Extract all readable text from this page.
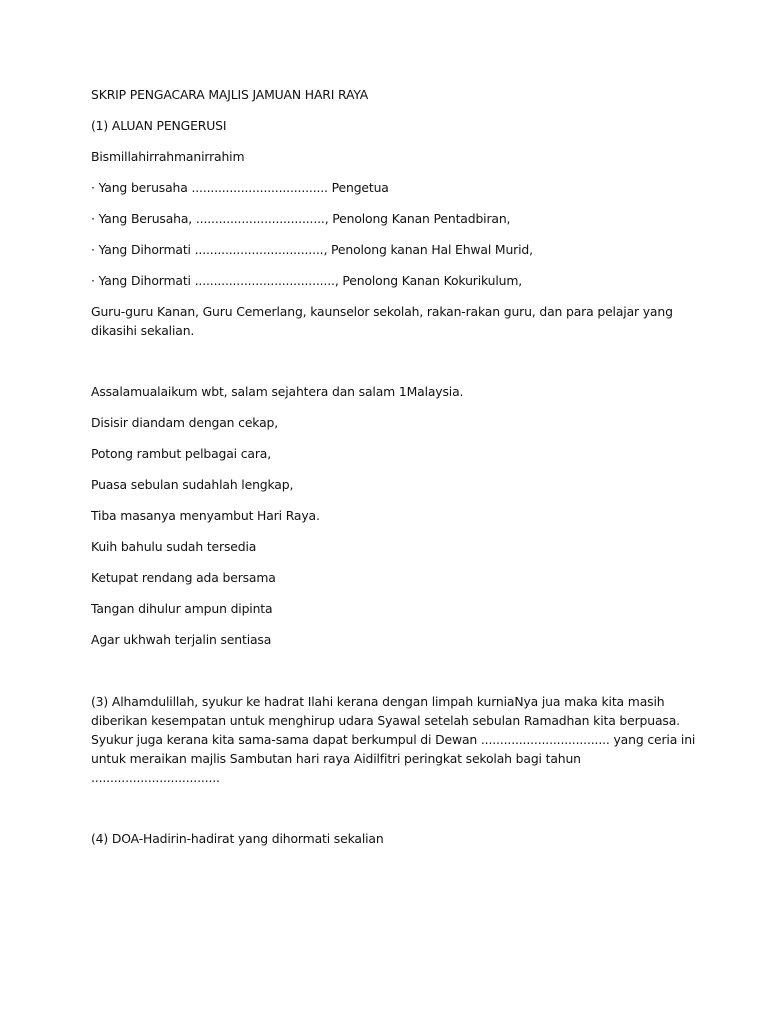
SKRIP PENGACARA MAJLIS JAMUAN HARI RAYA

(1) ALUAN PENGERUSI

Bismillahirrahmanirrahim

· Yang berusaha .................................... Pengetua

· Yang Berusaha, .................................., Penolong Kanan Pentadbiran,

· Yang Dihormati .................................., Penolong kanan Hal Ehwal Murid,

· Yang Dihormati ....................................., Penolong Kanan Kokurikulum,

Guru-guru Kanan, Guru Cemerlang, kaunselor sekolah, rakan-rakan guru, dan para pelajar yang
dikasihi sekalian.

Assalamualaikum wbt, salam sejahtera dan salam 1Malaysia.

Disisir diandam dengan cekap,

Potong rambut pelbagai cara,

Puasa sebulan sudahlah lengkap,

Tiba masanya menyambut Hari Raya.

Kuih bahulu sudah tersedia

Ketupat rendang ada bersama

Tangan dihulur ampun dipinta

Agar ukhwah terjalin sentiasa

(3) Alhamdulillah, syukur ke hadrat Ilahi kerana dengan limpah kurniaNya jua maka kita masih
diberikan kesempatan untuk menghirup udara Syawal setelah sebulan Ramadhan kita berpuasa.
Syukur juga kerana kita sama-sama dapat berkumpul di Dewan .................................. yang ceria ini
untuk meraikan majlis Sambutan hari raya Aidilfitri peringkat sekolah bagi tahun
..................................

(4) DOA-Hadirin-hadirat yang dihormati sekalian
